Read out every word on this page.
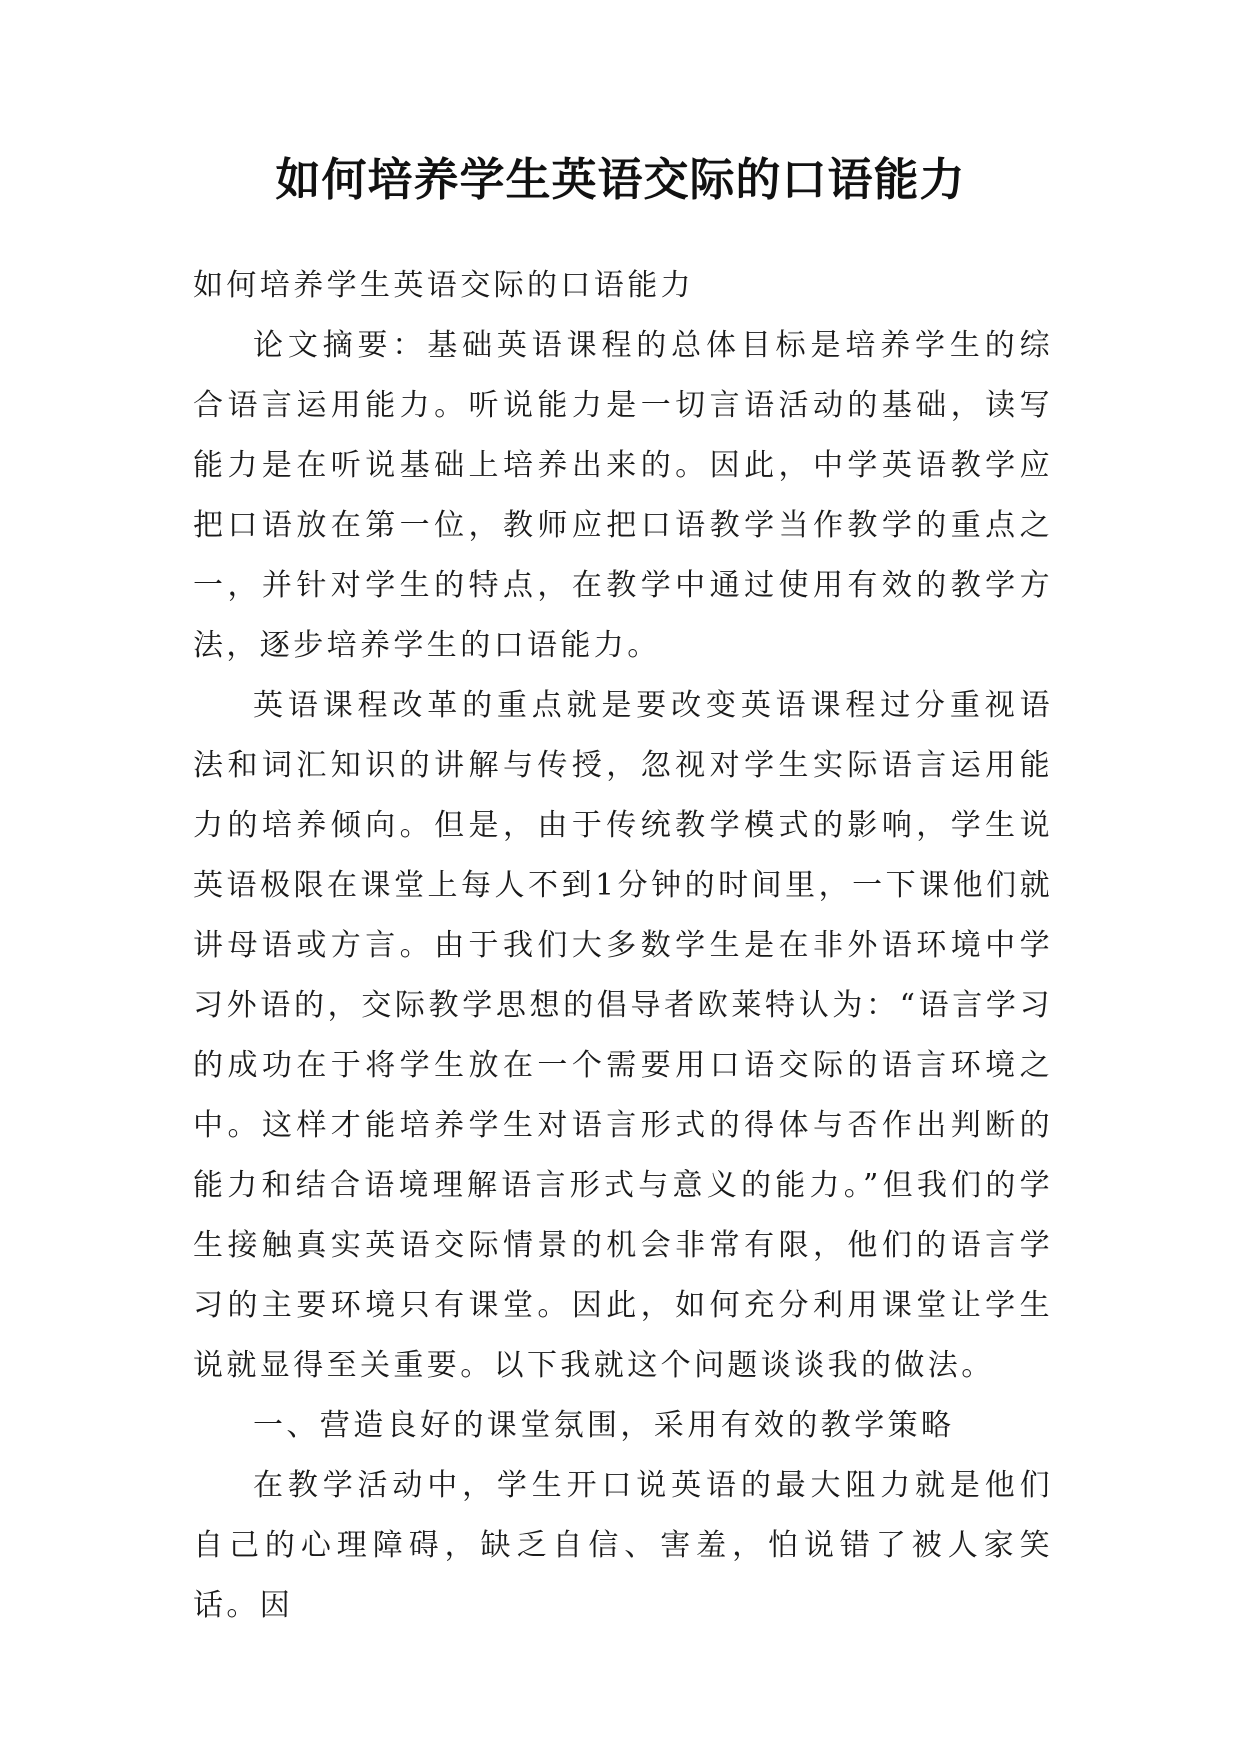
如何培养学生英语交际的口语能力

如何培养学生英语交际的口语能力

论文摘要：基础英语课程的总体目标是培养学生的综合语言运用能力。听说能力是一切言语活动的基础，读写能力是在听说基础上培养出来的。因此，中学英语教学应把口语放在第一位，教师应把口语教学当作教学的重点之一，并针对学生的特点，在教学中通过使用有效的教学方法，逐步培养学生的口语能力。

英语课程改革的重点就是要改变英语课程过分重视语法和词汇知识的讲解与传授，忽视对学生实际语言运用能力的培养倾向。但是，由于传统教学模式的影响，学生说英语极限在课堂上每人不到1分钟的时间里，一下课他们就讲母语或方言。由于我们大多数学生是在非外语环境中学习外语的，交际教学思想的倡导者欧莱特认为：“语言学习的成功在于将学生放在一个需要用口语交际的语言环境之中。这样才能培养学生对语言形式的得体与否作出判断的能力和结合语境理解语言形式与意义的能力。”但我们的学生接触真实英语交际情景的机会非常有限，他们的语言学习的主要环境只有课堂。因此，如何充分利用课堂让学生说就显得至关重要。以下我就这个问题谈谈我的做法。

一、营造良好的课堂氛围，采用有效的教学策略

在教学活动中，学生开口说英语的最大阻力就是他们自己的心理障碍，缺乏自信、害羞，怕说错了被人家笑话。因
